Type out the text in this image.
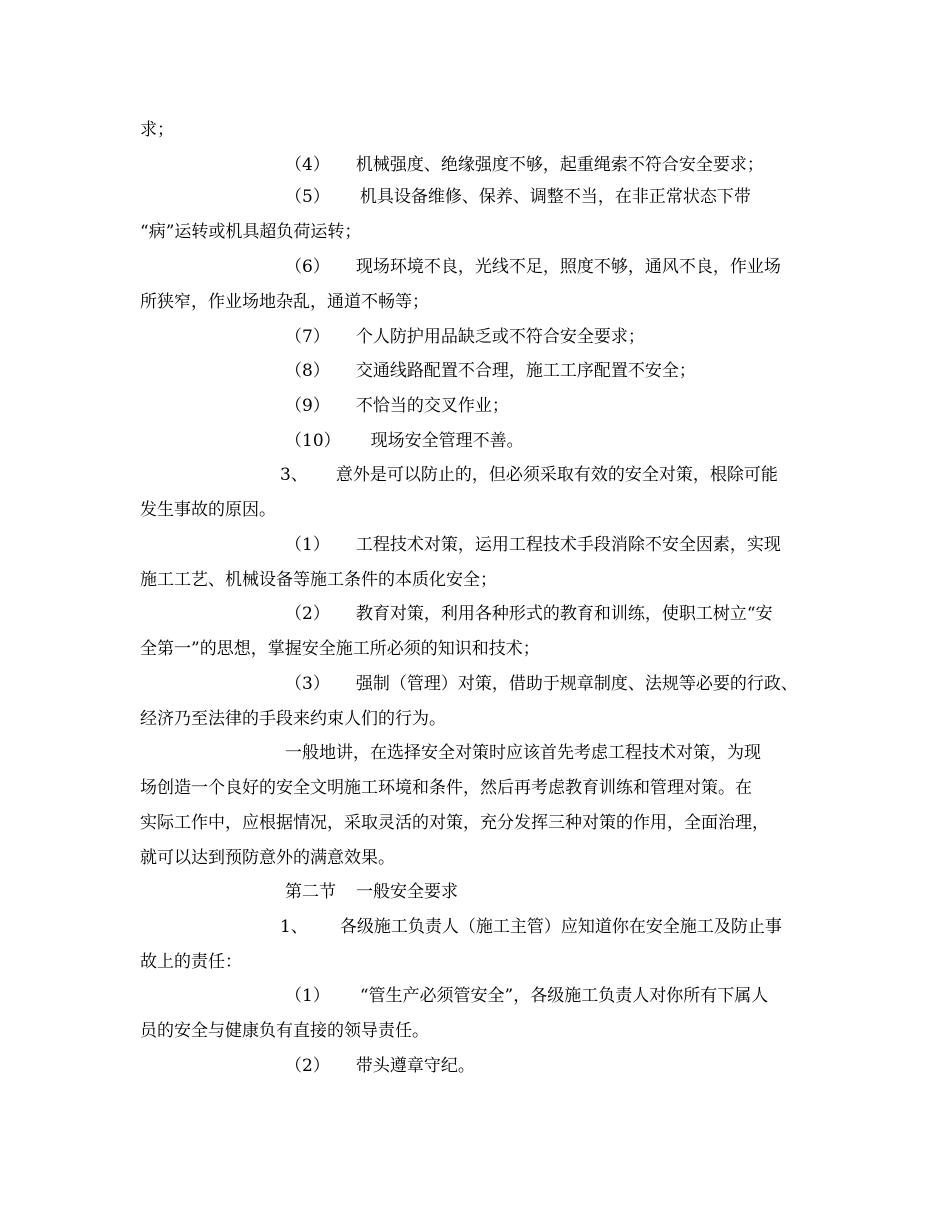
求；
（4） 机械强度、绝缘强度不够，起重绳索不符合安全要求；
（5） 机具设备维修、保养、调整不当，在非正常状态下带
“病”运转或机具超负荷运转；
（6） 现场环境不良，光线不足，照度不够，通风不良，作业场
所狭窄，作业场地杂乱，通道不畅等；
（7） 个人防护用品缺乏或不符合安全要求；
（8） 交通线路配置不合理，施工工序配置不安全；
（9） 不恰当的交叉作业；
（10） 现场安全管理不善。
3、 意外是可以防止的，但必须采取有效的安全对策，根除可能
发生事故的原因。
（1） 工程技术对策，运用工程技术手段消除不安全因素，实现
施工工艺、机械设备等施工条件的本质化安全；
（2） 教育对策，利用各种形式的教育和训练，使职工树立“安
全第一”的思想，掌握安全施工所必须的知识和技术；
（3） 强制（管理）对策，借助于规章制度、法规等必要的行政、
经济乃至法律的手段来约束人们的行为。
一般地讲，在选择安全对策时应该首先考虑工程技术对策，为现
场创造一个良好的安全文明施工环境和条件，然后再考虑教育训练和管理对策。在
实际工作中，应根据情况，采取灵活的对策，充分发挥三种对策的作用，全面治理，
就可以达到预防意外的满意效果。
第二节 一般安全要求
1、 各级施工负责人（施工主管）应知道你在安全施工及防止事
故上的责任：
（1） “管生产必须管安全”，各级施工负责人对你所有下属人
员的安全与健康负有直接的领导责任。
（2） 带头遵章守纪。
